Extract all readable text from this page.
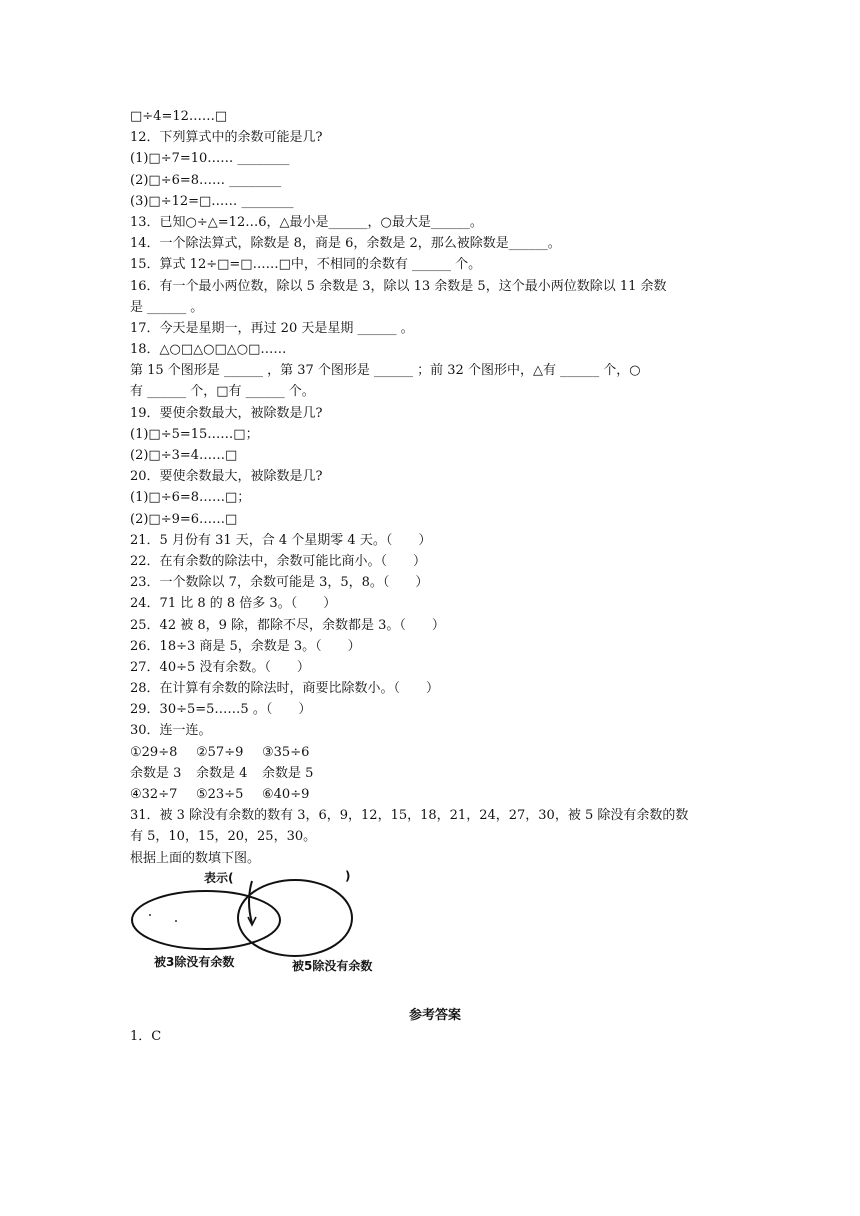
□÷4=12……□
12．下列算式中的余数可能是几?
(1)□÷7=10…… ________
(2)□÷6=8…… ________
(3)□÷12=□…… ________
13．已知○÷△=12…6，△最小是______，○最大是______。
14．一个除法算式，除数是 8，商是 6，余数是 2，那么被除数是______。
15．算式 12÷□=□……□中，不相同的余数有 ______ 个。
16．有一个最小两位数，除以 5 余数是 3，除以 13 余数是 5，这个最小两位数除以 11 余数
是 ______ 。
17．今天是星期一，再过 20 天是星期 ______ 。
18．△○□△○□△○□……
第 15 个图形是 ______ ，第 37 个图形是 ______ ；前 32 个图形中，△有 ______ 个，○
有 ______ 个，□有 ______ 个。
19．要使余数最大，被除数是几?
(1)□÷5=15……□；
(2)□÷3=4……□
20．要使余数最大，被除数是几?
(1)□÷6=8……□；
(2)□÷9=6……□
21．5 月份有 31 天，合 4 个星期零 4 天。（　　）
22．在有余数的除法中，余数可能比商小。（　　）
23．一个数除以 7，余数可能是 3，5，8。（　　）
24．71 比 8 的 8 倍多 3。（　　）
25．42 被 8，9 除，都除不尽，余数都是 3。（　　）
26．18÷3 商是 5，余数是 3。（　　）
27．40÷5 没有余数。（　　）
28．在计算有余数的除法时，商要比除数小。（　　）
29．30÷5=5……5 。（　　）
30．连一连。
①29÷8	②57÷9	③35÷6
余数是 3	余数是 4	余数是 5
④32÷7	⑤23÷5	⑥40÷9
31．被 3 除没有余数的数有 3，6，9，12，15，18，21，24，27，30，被 5 除没有余数的数
有 5，10，15，20，25，30。
根据上面的数填下图。
表示(	)
被3除没有余数	被5除没有余数
参考答案
1．C
